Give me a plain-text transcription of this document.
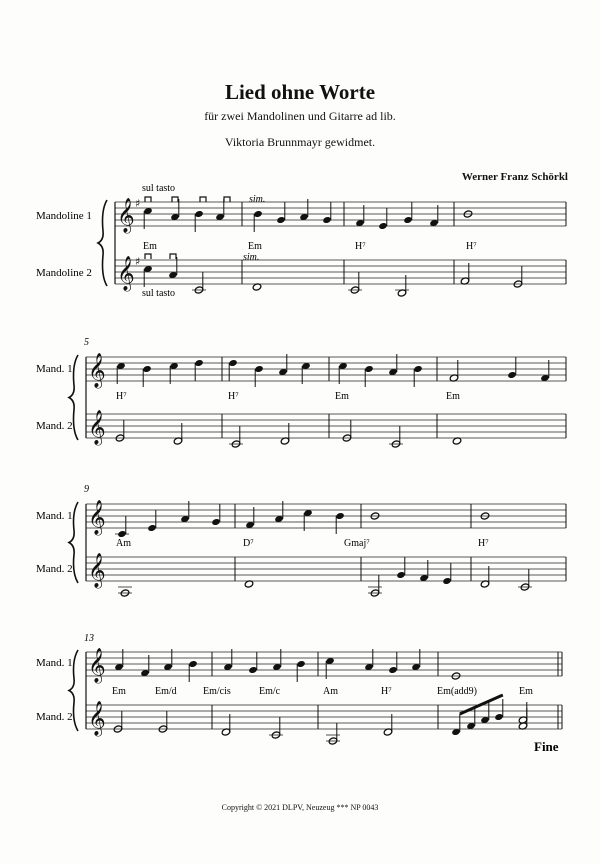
Lied ohne Worte
für zwei Mandolinen und Gitarre ad lib.
Viktoria Brunnmayr gewidmet.
Werner Franz Schörkl
Mandoline 1
Mandoline 2
sul tasto
sim.
sim.
sul tasto
Em	Em	H⁷	H⁷
5
Mand. 1
Mand. 2
H⁷	H⁷	Em	Em
9
Mand. 1
Mand. 2
Am	D⁷	Gmaj⁷	H⁷
13
Mand. 1
Mand. 2
Em	Em/d	Em/cis	Em/c	Am	H⁷	Em(add9)	Em
Fine
𝄞
𝄞
♯
♯
𝄞
𝄞
𝄞
𝄞
𝄞
𝄞
Copyright © 2021 DLPV, Neuzeug *** NP 0043
